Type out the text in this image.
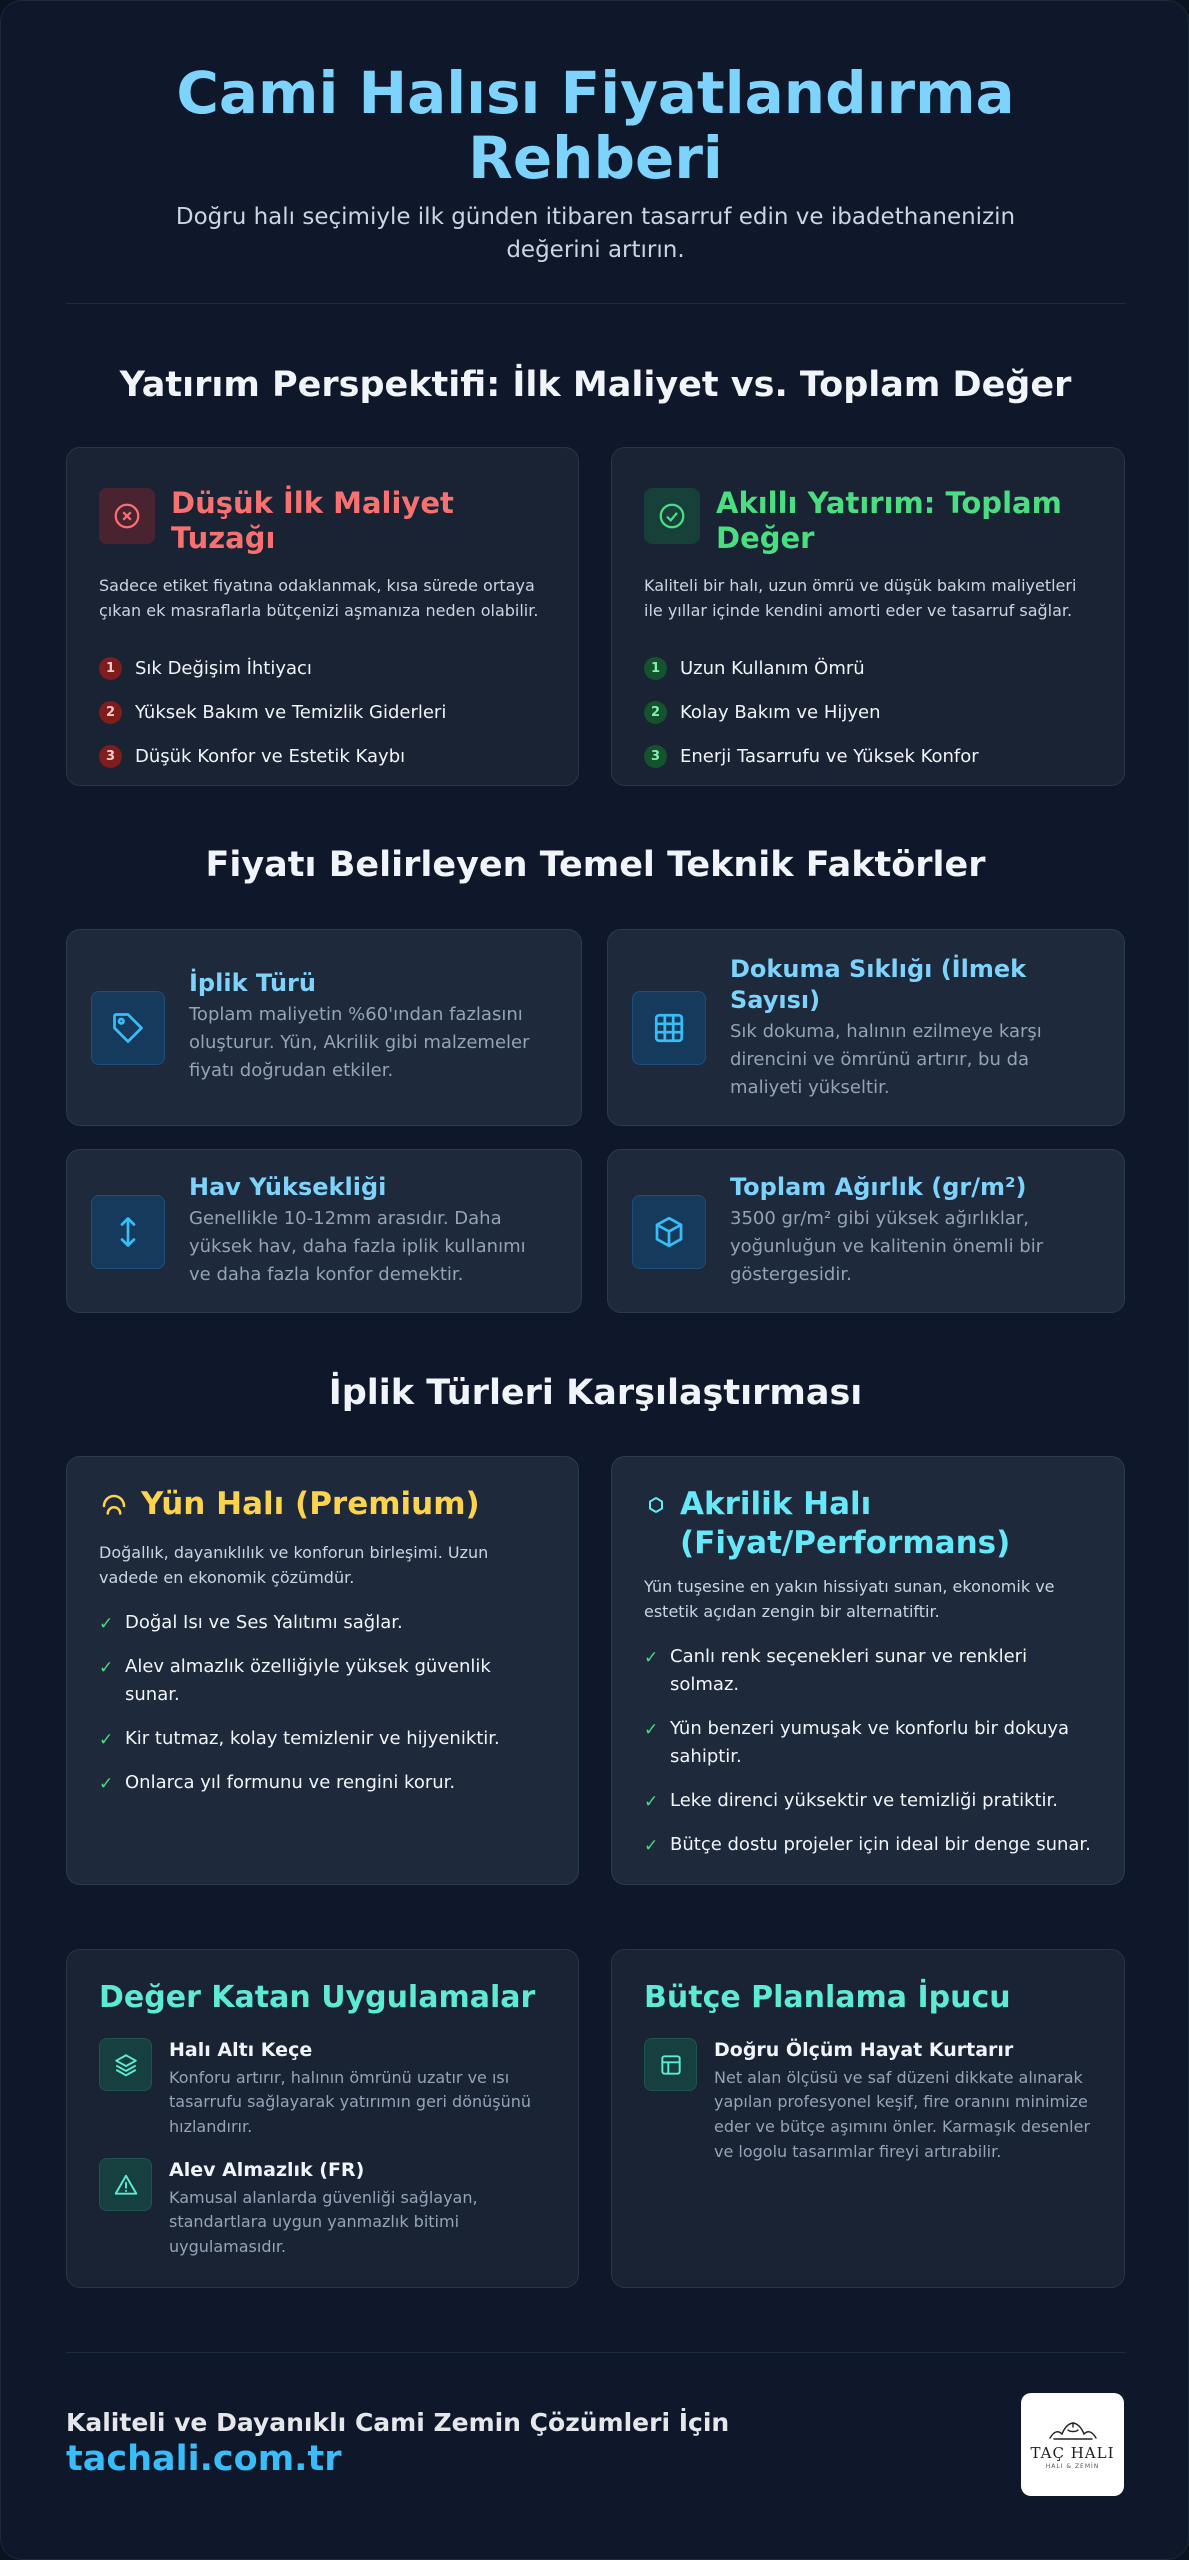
Cami Halısı Fiyatlandırma Rehberi

Doğru halı seçimiyle ilk günden itibaren tasarruf edin ve ibadethanenizin değerini artırın.

Yatırım Perspektifi: İlk Maliyet vs. Toplam Değer
Düşük İlk Maliyet Tuzağı

Sadece etiket fiyatına odaklanmak, kısa sürede ortaya çıkan ek masraflarla bütçenizi aşmanıza neden olabilir.

1	Sık Değişim İhtiyacı
2	Yüksek Bakım ve Temizlik Giderleri
3	Düşük Konfor ve Estetik Kaybı
Akıllı Yatırım: Toplam Değer

Kaliteli bir halı, uzun ömrü ve düşük bakım maliyetleri ile yıllar içinde kendini amorti eder ve tasarruf sağlar.

1	Uzun Kullanım Ömrü
2	Kolay Bakım ve Hijyen
3	Enerji Tasarrufu ve Yüksek Konfor
Fiyatı Belirleyen Temel Teknik Faktörler
İplik Türü
Toplam maliyetin %60'ından fazlasını oluşturur. Yün, Akrilik gibi malzemeler fiyatı doğrudan etkiler.
Dokuma Sıklığı (İlmek Sayısı)
Sık dokuma, halının ezilmeye karşı direncini ve ömrünü artırır, bu da maliyeti yükseltir.
Hav Yüksekliği
Genellikle 10-12mm arasıdır. Daha yüksek hav, daha fazla iplik kullanımı ve daha fazla konfor demektir.
Toplam Ağırlık (gr/m²)
3500 gr/m² gibi yüksek ağırlıklar, yoğunluğun ve kalitenin önemli bir göstergesidir.
İplik Türleri Karşılaştırması
Yün Halı (Premium)

Doğallık, dayanıklılık ve konforun birleşimi. Uzun vadede en ekonomik çözümdür.

✓ Doğal Isı ve Ses Yalıtımı sağlar.
✓ Alev almazlık özelliğiyle yüksek güvenlik sunar.
✓ Kir tutmaz, kolay temizlenir ve hijyeniktir.
✓ Onlarca yıl formunu ve rengini korur.
Akrilik Halı (Fiyat/Performans)

Yün tuşesine en yakın hissiyatı sunan, ekonomik ve estetik açıdan zengin bir alternatiftir.

✓ Canlı renk seçenekleri sunar ve renkleri solmaz.
✓ Yün benzeri yumuşak ve konforlu bir dokuya sahiptir.
✓ Leke direnci yüksektir ve temizliği pratiktir.
✓ Bütçe dostu projeler için ideal bir denge sunar.
Değer Katan Uygulamalar
Halı Altı Keçe
Konforu artırır, halının ömrünü uzatır ve ısı tasarrufu sağlayarak yatırımın geri dönüşünü hızlandırır.
Alev Almazlık (FR)
Kamusal alanlarda güvenliği sağlayan, standartlara uygun yanmazlık bitimi uygulamasıdır.
Bütçe Planlama İpucu
Doğru Ölçüm Hayat Kurtarır
Net alan ölçüsü ve saf düzeni dikkate alınarak yapılan profesyonel keşif, fire oranını minimize eder ve bütçe aşımını önler. Karmaşık desenler ve logolu tasarımlar fireyi artırabilir.
Kaliteli ve Dayanıklı Cami Zemin Çözümleri İçin
tachali.com.tr	TAÇ HALI
HALI & ZEMİN
